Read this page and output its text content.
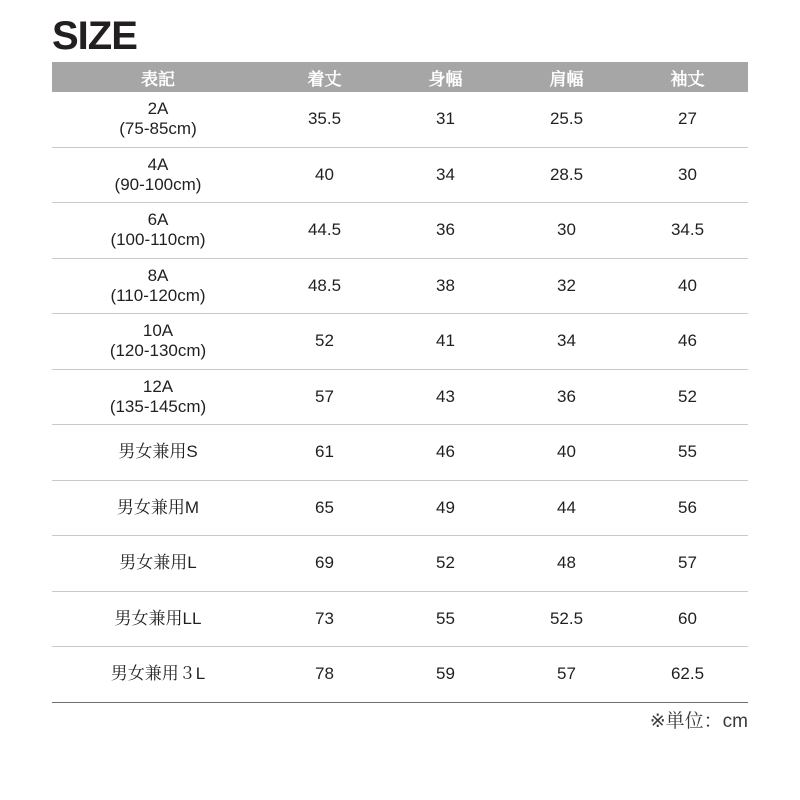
SIZE
表記	着丈	身幅	肩幅	袖丈

2A
(75-85cm)	35.5	31	25.5	27

4A
(90-100cm)	40	34	28.5	30

6A
(100-110cm)	44.5	36	30	34.5

8A
(110-120cm)	48.5	38	32	40

10A
(120-130cm)	52	41	34	46

12A
(135-145cm)	57	43	36	52

男女兼用S	61	46	40	55

男女兼用M	65	49	44	56

男女兼用L	69	52	48	57

男女兼用LL	73	55	52.5	60

男女兼用３L	78	59	57	62.5
※単位：cm
